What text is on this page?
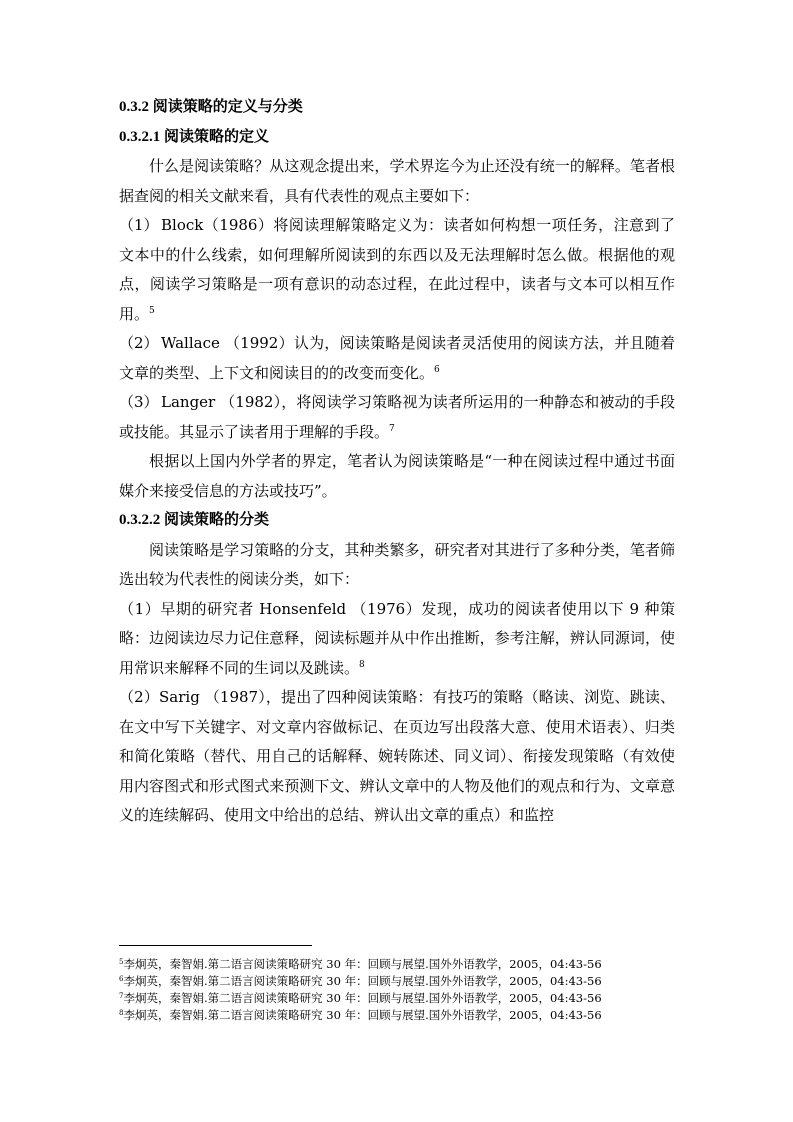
0.3.2 阅读策略的定义与分类

0.3.2.1 阅读策略的定义

什么是阅读策略？从这观念提出来，学术界迄今为止还没有统一的解释。笔者根据查阅的相关文献来看，具有代表性的观点主要如下：

（1） Block（1986）将阅读理解策略定义为：读者如何构想一项任务，注意到了文本中的什么线索，如何理解所阅读到的东西以及无法理解时怎么做。根据他的观点，阅读学习策略是一项有意识的动态过程，在此过程中，读者与文本可以相互作用。$^5$

（2） Wallace （1992）认为，阅读策略是阅读者灵活使用的阅读方法，并且随着文章的类型、上下文和阅读目的的改变而变化。$^6$

（3） Langer （1982），将阅读学习策略视为读者所运用的一种静态和被动的手段或技能。其显示了读者用于理解的手段。$^7$

根据以上国内外学者的界定，笔者认为阅读策略是“一种在阅读过程中通过书面媒介来接受信息的方法或技巧”。

0.3.2.2 阅读策略的分类

阅读策略是学习策略的分支，其种类繁多，研究者对其进行了多种分类，笔者筛选出较为代表性的阅读分类，如下：

（1）早期的研究者 Honsenfeld （1976）发现，成功的阅读者使用以下 9 种策略：边阅读边尽力记住意释，阅读标题并从中作出推断，参考注解，辨认同源词，使用常识来解释不同的生词以及跳读。$^8$

（2）Sarig （1987），提出了四种阅读策略：有技巧的策略（略读、浏览、跳读、在文中写下关键字、对文章内容做标记、在页边写出段落大意、使用术语表）、归类和简化策略（替代、用自己的话解释、婉转陈述、同义词）、衔接发现策略（有效使用内容图式和形式图式来预测下文、辨认文章中的人物及他们的观点和行为、文章意义的连续解码、使用文中给出的总结、辨认出文章的重点）和监控

$^5$李炯英，秦智娟.第二语言阅读策略研究 30 年：回顾与展望.国外外语教学，2005，04:43-56

$^6$李炯英，秦智娟.第二语言阅读策略研究 30 年：回顾与展望.国外外语教学，2005，04:43-56

$^7$李炯英，秦智娟.第二语言阅读策略研究 30 年：回顾与展望.国外外语教学，2005，04:43-56

$^8$李炯英，秦智娟.第二语言阅读策略研究 30 年：回顾与展望.国外外语教学，2005，04:43-56
